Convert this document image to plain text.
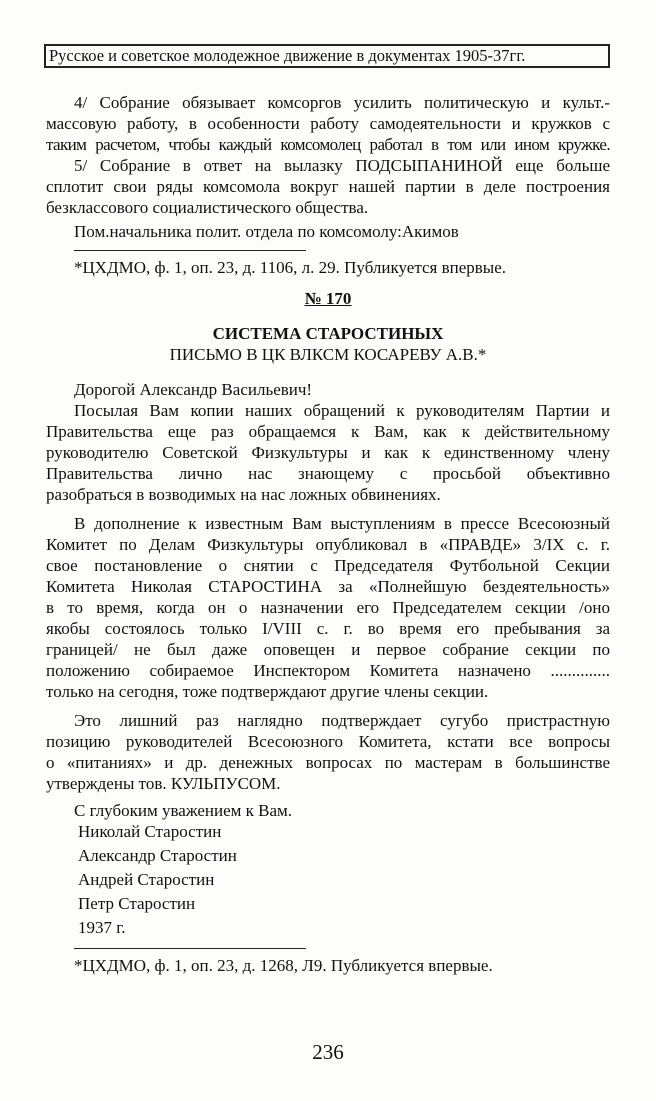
Русское и советское молодежное движение в документах 1905-37гг.

4/ Собрание обязывает комсоргов усилить политическую и культ.-

массовую работу, в особенности работу самодеятельности и кружков с

таким расчетом, чтобы каждый комсомолец работал в том или ином кружке.

5/ Собрание в ответ на вылазку ПОДСЫПАНИНОЙ еще больше

сплотит свои ряды комсомола вокруг нашей партии в деле построения

безклассового социалистического общества.

Пом.начальника полит. отдела по комсомолу:Акимов

*ЦХДМО, ф. 1, оп. 23, д. 1106, л. 29. Публикуется впервые.

№ 170

СИСТЕМА СТАРОСТИНЫХ

ПИСЬМО В ЦК ВЛКСМ КОСАРЕВУ А.В.*

Дорогой Александр Васильевич!

Посылая Вам копии наших обращений к руководителям Партии и

Правительства еще раз обращаемся к Вам, как к действительному

руководителю Советской Физкультуры и как к единственному члену

Правительства лично нас знающему с просьбой объективно

разобраться в возводимых на нас ложных обвинениях.

В дополнение к известным Вам выступлениям в прессе Всесоюзный

Комитет по Делам Физкультуры опубликовал в «ПРАВДЕ» 3/IX с. г.

свое постановление о снятии с Председателя Футбольной Секции

Комитета Николая СТАРОСТИНА за «Полнейшую бездеятельность»

в то время, когда он о назначении его Председателем секции /оно

якобы состоялось только I/VIII с. г. во время его пребывания за

границей/ не был даже оповещен и первое собрание секции по

положению собираемое Инспектором Комитета назначено ..............

только на сегодня, тоже подтверждают другие члены секции.

Это лишний раз наглядно подтверждает сугубо пристрастную

позицию руководителей Всесоюзного Комитета, кстати все вопросы

о «питаниях» и др. денежных вопросах по мастерам в большинстве

утверждены тов. КУЛЬПУСОМ.

С глубоким уважением к Вам.

Николай Старостин

Александр Старостин

Андрей Старостин

Петр Старостин

1937 г.

*ЦХДМО, ф. 1, оп. 23, д. 1268, Л9. Публикуется впервые.

236
